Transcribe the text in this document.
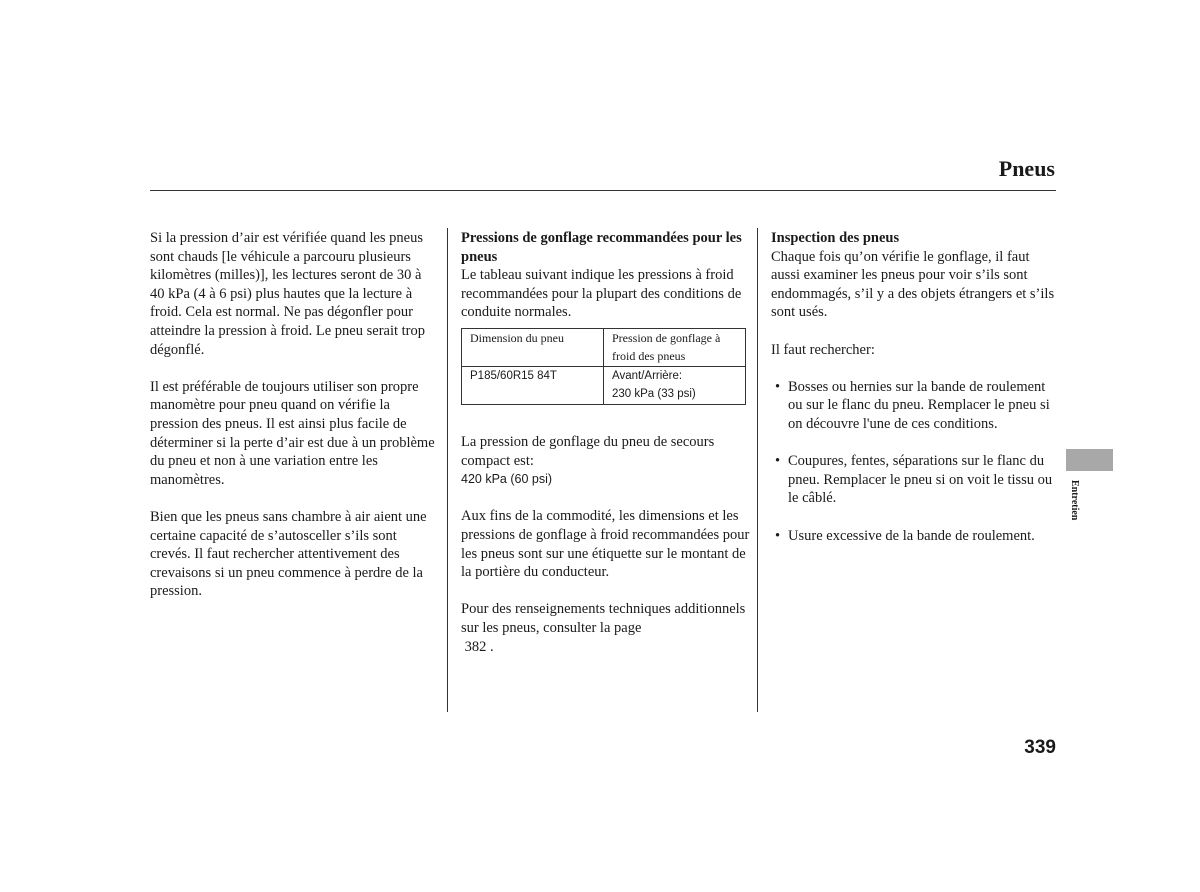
Pneus

Si la pression d’air est vérifiée quand les pneus sont chauds [le véhicule a parcouru plusieurs kilomètres (milles)], les lectures seront de 30 à 40 kPa (4 à 6 psi) plus hautes que la lecture à froid. Cela est normal. Ne pas dégonfler pour atteindre la pression à froid. Le pneu serait trop dégonflé.

Il est préférable de toujours utiliser son propre manomètre pour pneu quand on vérifie la pression des pneus. Il est ainsi plus facile de déterminer si la perte d’air est due à un problème du pneu et non à une variation entre les manomètres.

Bien que les pneus sans chambre à air aient une certaine capacité de s’autosceller s’ils sont crevés. Il faut rechercher attentivement des crevaisons si un pneu commence à perdre de la pression.

Pressions de gonflage recommandées pour les pneus
Le tableau suivant indique les pressions à froid recommandées pour la plupart des conditions de conduite normales.

Dimension du pneu	Pression de gonflage à froid des pneus
P185/60R15 84T	Avant/Arrière:
230 kPa (33 psi)

La pression de gonflage du pneu de secours compact est:
420 kPa (60 psi)

Aux fins de la commodité, les dimensions et les pressions de gonflage à froid recommandées pour les pneus sont sur une étiquette sur le montant de la portière du conducteur.

Pour des renseignements techniques additionnels sur les pneus, consulter la page
382 .

Inspection des pneus
Chaque fois qu’on vérifie le gonflage, il faut aussi examiner les pneus pour voir s’ils sont endommagés, s’il y a des objets étrangers et s’ils sont usés.

Il faut rechercher:

• Bosses ou hernies sur la bande de roulement ou sur le flanc du pneu. Remplacer le pneu si on découvre l'une de ces conditions.
• Coupures, fentes, séparations sur le flanc du pneu. Remplacer le pneu si on voit le tissu ou le câblé.
• Usure excessive de la bande de roulement.
Entretien
339
